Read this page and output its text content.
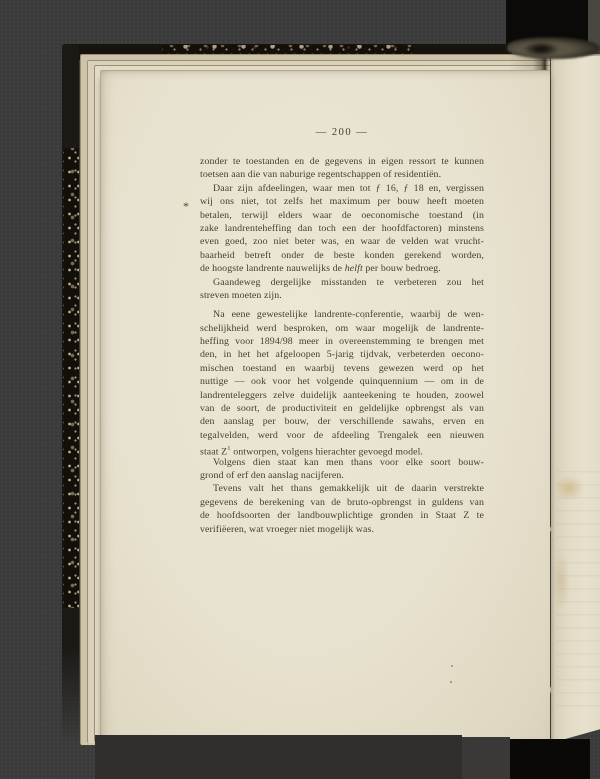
— 200 —
*
zonder te toestanden en de gegevens in eigen ressort te kunnen
toetsen aan die van naburige regentschappen of residentiën.
Daar zijn afdeelingen, waar men tot ƒ 16, ƒ 18 en, vergissen
wij ons niet, tot zelfs het maximum per bouw heeft moeten
betalen, terwijl elders waar de oeconomische toestand (in
zake landrenteheffing dan toch een der hoofdfactoren) minstens
even goed, zoo niet beter was, en waar de velden wat vrucht-
baarheid betreft onder de beste konden gerekend worden,
de hoogste landrente nauwelijks de helft per bouw bedroeg.
Gaandeweg dergelijke misstanden te verbeteren zou het
streven moeten zijn.
Na eene gewestelijke landrente-conferentie, waarbij de wen-
schelijkheid werd besproken, om waar mogelijk de landrente-
heffing voor 1894/98 meer in overeenstemming te brengen met
den, in het het afgeloopen 5-jarig tijdvak, verbeterden oecono-
mischen toestand en waarbij tevens gewezen werd op het
nuttige — ook voor het volgende quinquennium — om in de
landrenteleggers zelve duidelijk aanteekening te houden, zoowel
van de soort, de productiviteit en geldelijke opbrengst als van
den aanslag per bouw, der verschillende sawahs, erven en
tegalvelden, werd voor de afdeeling Trengalek een nieuwen
staat $Z^1$ ontworpen, volgens hierachter gevoegd model.
Volgens dien staat kan men thans voor elke soort bouw-
grond of erf den aanslag nacijferen.
Tevens valt het thans gemakkelijk uit de daarin verstrekte
gegevens de berekening van de bruto-opbrengst in guldens van
de hoofdsoorten der landbouwplichtige gronden in Staat Z te
verifiëeren, wat vroeger niet mogelijk was.
